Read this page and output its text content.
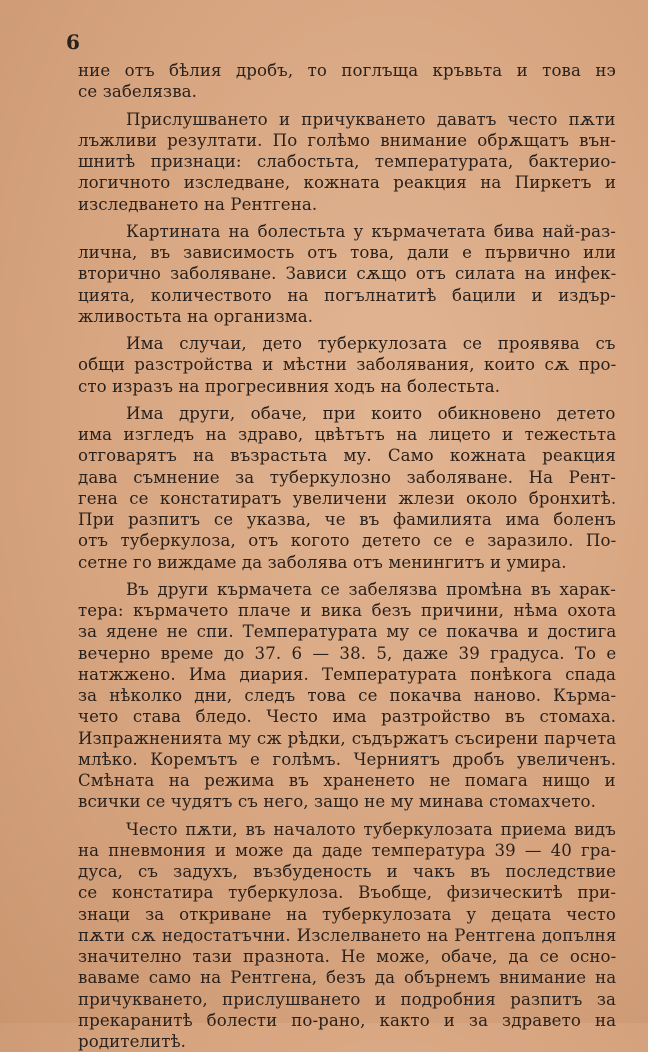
6
ние отъ бѣлия дробъ, то поглъща кръвьта и това нэ
се забелязва.
Прислушването и причукването даватъ често пѫти
лъжливи резултати. По голѣмо внимание обрѫщатъ вън-
шнитѣ признаци: слабостьта, температурата, бактерио-
логичното изследване, кожната реакция на Пиркетъ и
изследването на Рентгена.
Картината на болестьта у кърмачетата бива най-раз-
лична, въ зависимость отъ това, дали е първично или
вторично заболяване. Зависи сѫщо отъ силата на инфек-
цията, количеството на погълнатитѣ бацили и издър-
жливостьта на организма.
Има случаи, дето туберкулозата се проявява съ
общи разстройства и мѣстни заболявания, които сѫ про-
сто изразъ на прогресивния ходъ на болестьта.
Има други, обаче, при които обикновено детето
има изгледъ на здраво, цвѣтътъ на лицето и тежестьта
отговарятъ на възрастьта му. Само кожната реакция
дава съмнение за туберкулозно заболяване. На Рент-
гена се констатиратъ увеличени жлези около бронхитѣ.
При разпитъ се указва, че въ фамилията има боленъ
отъ туберкулоза, отъ когото детето се е заразило. По-
сетне го виждаме да заболява отъ менингитъ и умира.
Въ други кърмачета се забелязва промѣна въ харак-
тера: кърмачето плаче и вика безъ причини, нѣма охота
за ядене не спи. Температурата му се покачва и достига
вечерно време до 37. 6 — 38. 5, даже 39 градуса. То е
натжжено. Има диария. Температурата понѣкога спада
за нѣколко дни, следъ това се покачва наново. Кърма-
чето става бледо. Често има разтройство въ стомаха.
Изпражненията му сж рѣдки, съдържатъ съсирени парчета
млѣко. Коремътъ е голѣмъ. Черниятъ дробъ увеличенъ.
Смѣната на режима въ храненето не помага нищо и
всички се чудятъ съ него, защо не му минава стомахчето.
Често пѫти, въ началото туберкулозата приема видъ
на пневмония и може да даде температура 39 — 40 гра-
дуса, съ задухъ, възбуденость и чакъ въ последствие
се констатира туберкулоза. Въобще, физическитѣ при-
знаци за откриване на туберкулозата у децата често
пѫти сѫ недостатъчни. Изслелването на Рентгена допълня
значително тази празнота. Не може, обаче, да се осно-
ваваме само на Рентгена, безъ да обърнемъ внимание на
причукването, прислушването и подробния разпитъ за
прекаранитѣ болести по-рано, както и за здравето на
родителитѣ.
